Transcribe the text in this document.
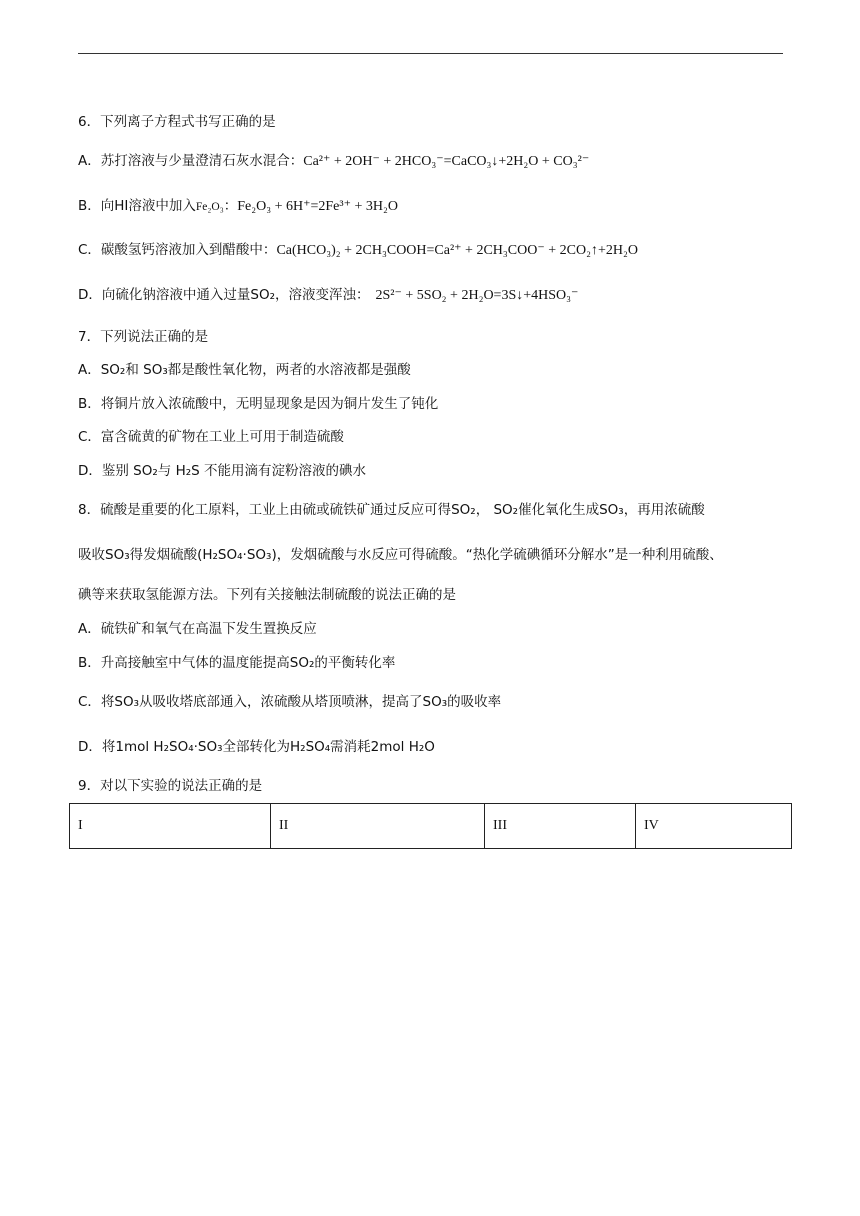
6．下列离子方程式书写正确的是
A．苏打溶液与少量澄清石灰水混合：Ca²⁺ + 2OH⁻ + 2HCO₃⁻=CaCO₃↓+2H₂O + CO₃²⁻
B．向HI溶液中加入Fe₂O₃：Fe₂O₃ + 6H⁺=2Fe³⁺ + 3H₂O
C．碳酸氢钙溶液加入到醋酸中：Ca(HCO₃)₂ + 2CH₃COOH=Ca²⁺ + 2CH₃COO⁻ + 2CO₂↑+2H₂O
D．向硫化钠溶液中通入过量SO₂，溶液变浑浊： 2S²⁻ + 5SO₂ + 2H₂O=3S↓+4HSO₃⁻
7．下列说法正确的是
A．SO₂和 SO₃都是酸性氧化物，两者的水溶液都是强酸
B．将铜片放入浓硫酸中，无明显现象是因为铜片发生了钝化
C．富含硫黄的矿物在工业上可用于制造硫酸
D．鉴别 SO₂与 H₂S 不能用滴有淀粉溶液的碘水
8．硫酸是重要的化工原料，工业上由硫或硫铁矿通过反应可得SO₂， SO₂催化氧化生成SO₃，再用浓硫酸
吸收SO₃得发烟硫酸(H₂SO₄·SO₃)，发烟硫酸与水反应可得硫酸。“热化学硫碘循环分解水”是一种利用硫酸、
碘等来获取氢能源方法。下列有关接触法制硫酸的说法正确的是
A．硫铁矿和氧气在高温下发生置换反应
B．升高接触室中气体的温度能提高SO₂的平衡转化率
C．将SO₃从吸收塔底部通入，浓硫酸从塔顶喷淋，提高了SO₃的吸收率
D．将1mol H₂SO₄·SO₃全部转化为H₂SO₄需消耗2mol H₂O
9．对以下实验的说法正确的是
I	II	III	IV
